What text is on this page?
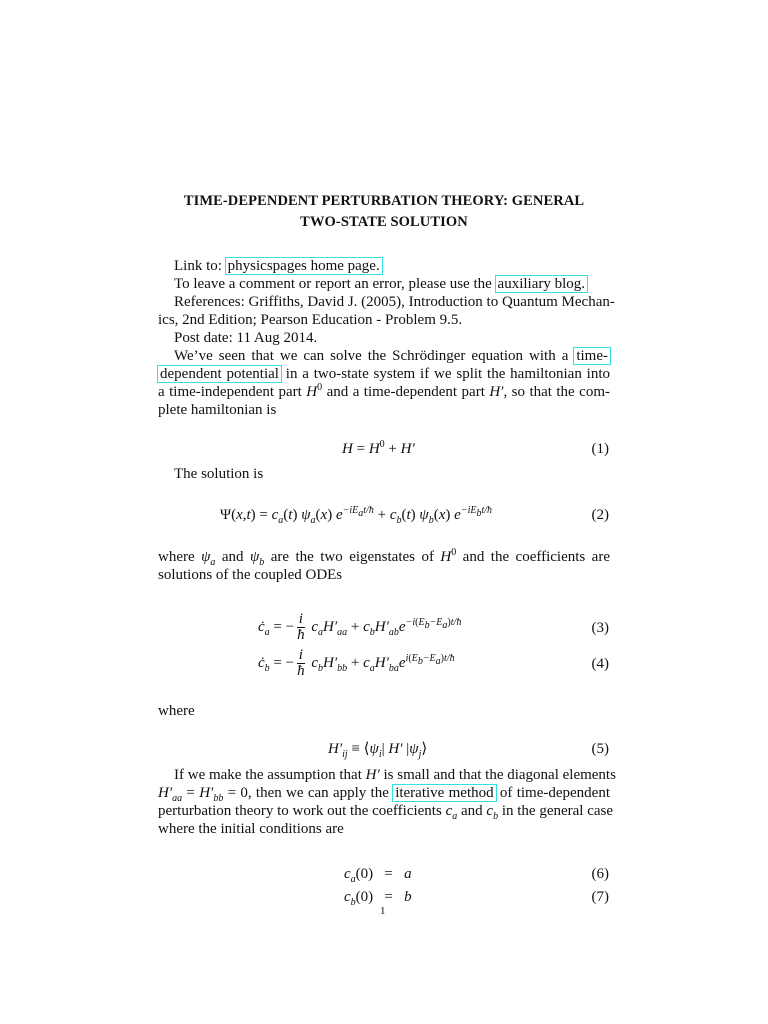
TIME-DEPENDENT PERTURBATION THEORY: GENERAL
TWO-STATE SOLUTION
Link to: physicspages home page.
To leave a comment or report an error, please use the auxiliary blog.
References: Griffiths, David J. (2005), Introduction to Quantum Mechan-
ics, 2nd Edition; Pearson Education - Problem 9.5.
Post date: 11 Aug 2014.
We’ve seen that we can solve the Schrödinger equation with a time-
dependent potential in a two-state system if we split the hamiltonian into
a time-independent part $H^0$ and a time-dependent part H′, so that the com-
plete hamiltonian is
$H = H^0 + H'$	(1)
The solution is
$\Psi(x,t) = c_a(t)$ $\psi_a(x) e^{-iE_at/ħ} + c_b(t)$ $\psi_b(x)$ $e^{-iE_bt/ħ}$	(2)
where $\psi_a$ and $\psi_b$ are the two eigenstates of $H^0$ and the coefficients are
solutions of the coupled ODEs
$ċ_a$ = − $\frac{i}{ħ} c_aH'_{aa} + c_bH'_{ab}e^{-i(E_b-E_a)t/ħ}$	(3)
$ċ_b$ = − $\frac{i}{ħ} c_bH'_{bb} + c_aH'_{ba}e^{i(E_b-E_a)t/ħ}$	(4)
where
$H'_{ij}$ ≡ $⟨\psi_i|$ H′ $|\psi_j⟩$	(5)
If we make the assumption that H′ is small and that the diagonal elements
$H'_{aa} = H'_{bb} = 0$, then we can apply the iterative method of time-dependent
perturbation theory to work out the coefficients $c_a$ and $c_b$ in the general case
where the initial conditions are
$c_a(0) = a$	(6)
$c_b(0) = b$	(7)
1
